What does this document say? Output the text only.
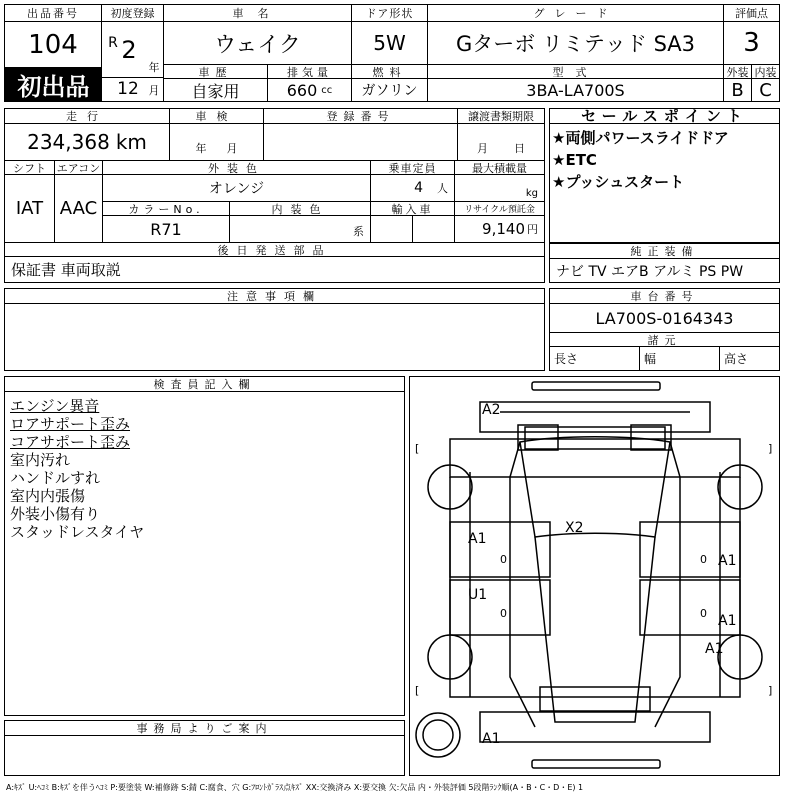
出品番号
104
初出品
初度登録
R 2
年
12 月
車名
ウェイク
ドア形状
5W
グレード
Gターボ リミテッド SA3
評価点
3
車歴
自家用
排気量
660 cc
燃料
ガソリン
型式
3BA-LA700S
外装 内装
B C
走行
234,368 km
車検
年 月
登録番号	譲渡書類期限
月 日
シフト エアコン
IAT AAC
外装色
オレンジ
乗車定員
4 人
最大積載量
kg
カラーNo.
R71
内装色
系
輸入車	リサイクル預託金
9,140 円
後日発送部品
保証書 車両取説
セールスポイント
★両側パワースライドドア
★ETC
★プッシュスタート
純正装備
ナビ TV エアB アルミ PS PW
注意事項欄	車台番号
LA700S-0164343
諸元
長さ	幅	高さ
検査員記入欄
エンジン異音
ロアサポート歪み
コアサポート歪み
室内汚れ
ハンドルすれ
室内内張傷
外装小傷有り
スタッドレスタイヤ
事務局よりご案内
A2
X2
A1
U1
A1
A1
A1
A1
0
0
0
0
[
[
]
]
A:ｷｽﾞ U:ﾍｺﾐ B:ｷｽﾞを伴うﾍｺﾐ P:要塗装 W:補修跡 S:錆 C:腐食、穴 G:ﾌﾛﾝﾄｶﾞﾗｽ点ｷｽﾞ XX:交換済み X:要交換 欠:欠品 内・外装評価 5段階ﾗﾝｸ順(A・B・C・D・E) 1
